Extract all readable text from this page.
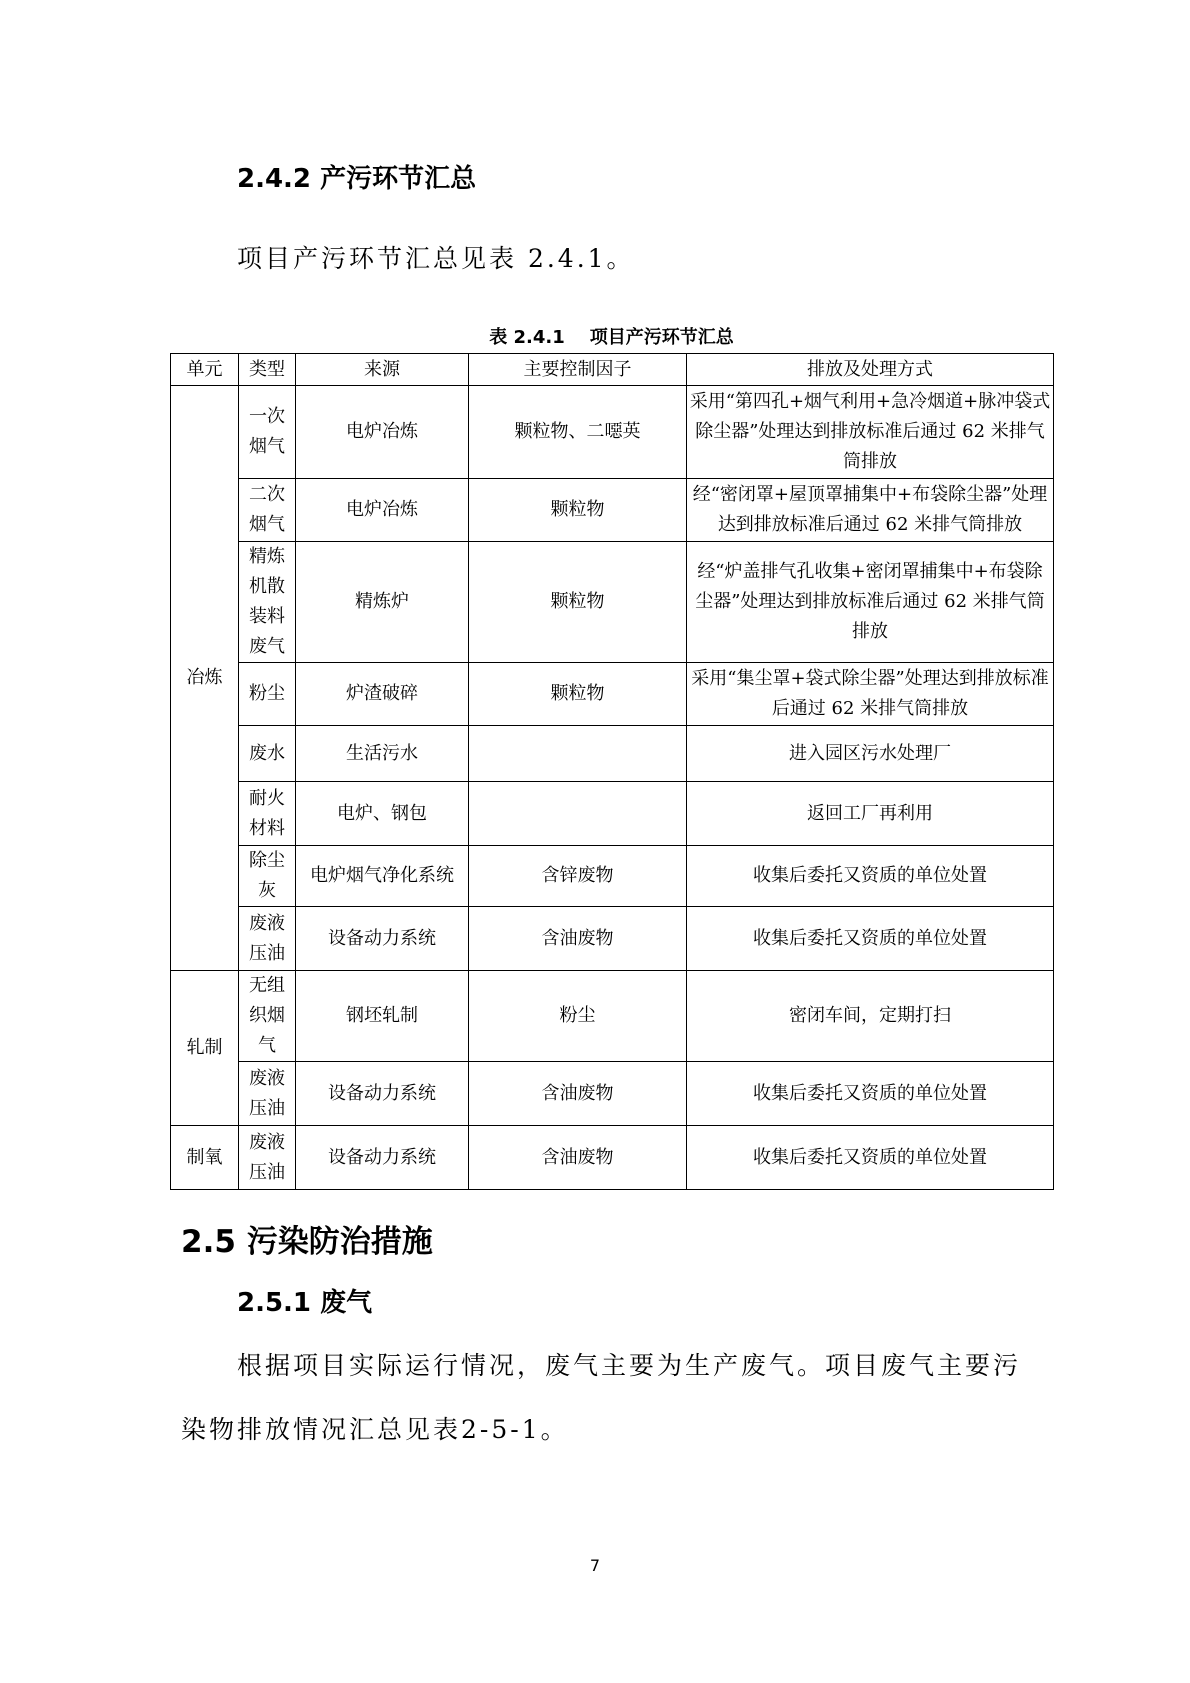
2.4.2 产污环节汇总
项目产污环节汇总见表 2.4.1。
表 2.4.1    项目产污环节汇总
单元	类型	来源	主要控制因子	排放及处理方式
冶炼	一次烟气	电炉冶炼	颗粒物、二噁英	采用“第四孔+烟气利用+急冷烟道+脉冲袋式除尘器”处理达到排放标准后通过 62 米排气筒排放
	二次烟气	电炉冶炼	颗粒物	经“密闭罩+屋顶罩捕集中+布袋除尘器”处理达到排放标准后通过 62 米排气筒排放
	精炼机散装料废气	精炼炉	颗粒物	经“炉盖排气孔收集+密闭罩捕集中+布袋除尘器”处理达到排放标准后通过 62 米排气筒排放
	粉尘	炉渣破碎	颗粒物	采用“集尘罩+袋式除尘器”处理达到排放标准后通过 62 米排气筒排放
	废水	生活污水		进入园区污水处理厂
	耐火材料	电炉、钢包		返回工厂再利用
	除尘灰	电炉烟气净化系统	含锌废物	收集后委托又资质的单位处置
	废液压油	设备动力系统	含油废物	收集后委托又资质的单位处置
轧制	无组织烟气	钢坯轧制	粉尘	密闭车间，定期打扫
	废液压油	设备动力系统	含油废物	收集后委托又资质的单位处置
制氧	废液压油	设备动力系统	含油废物	收集后委托又资质的单位处置
2.5 污染防治措施
2.5.1 废气
根据项目实际运行情况，废气主要为生产废气。项目废气主要污染物排放情况汇总见表2-5-1。
7
